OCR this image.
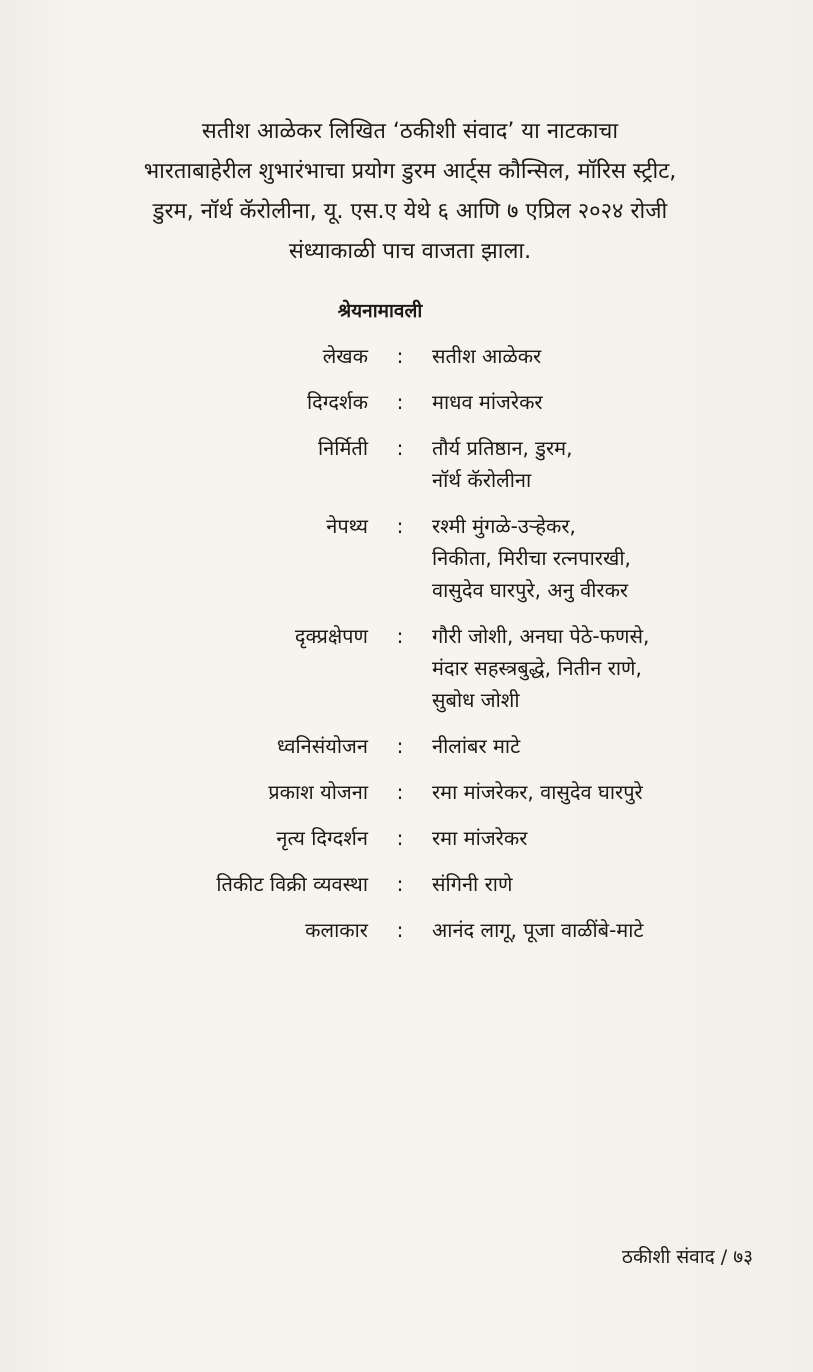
सतीश आळेकर लिखित ‘ठकीशी संवाद’ या नाटकाचा

भारताबाहेरील शुभारंभाचा प्रयोग डुरम आर्ट्स कौन्सिल, मॉरिस स्ट्रीट,

डुरम, नॉर्थ कॅरोलीना, यू. एस.ए येथे ६ आणि ७ एप्रिल २०२४ रोजी

संध्याकाळी पाच वाजता झाला.

श्रेयनामावली
लेखक	:	सतीश आळेकर
दिग्दर्शक	:	माधव मांजरेकर
निर्मिती	:	तौर्य प्रतिष्ठान, डुरम,
नॉर्थ कॅरोलीना
नेपथ्य	:	रश्मी मुंगळे-उऱ्हेकर,
निकीता, मिरीचा रत्नपारखी,
वासुदेव घारपुरे, अनु वीरकर
दृक्प्रक्षेपण	:	गौरी जोशी, अनघा पेठे-फणसे,
मंदार सहस्त्रबुद्धे, नितीन राणे,
सुबोध जोशी
ध्वनिसंयोजन	:	नीलांबर माटे
प्रकाश योजना	:	रमा मांजरेकर, वासुदेव घारपुरे
नृत्य दिग्दर्शन	:	रमा मांजरेकर
तिकीट विक्री व्यवस्था	:	संगिनी राणे
कलाकार	:	आनंद लागू, पूजा वाळींबे-माटे
ठकीशी संवाद / ७३
